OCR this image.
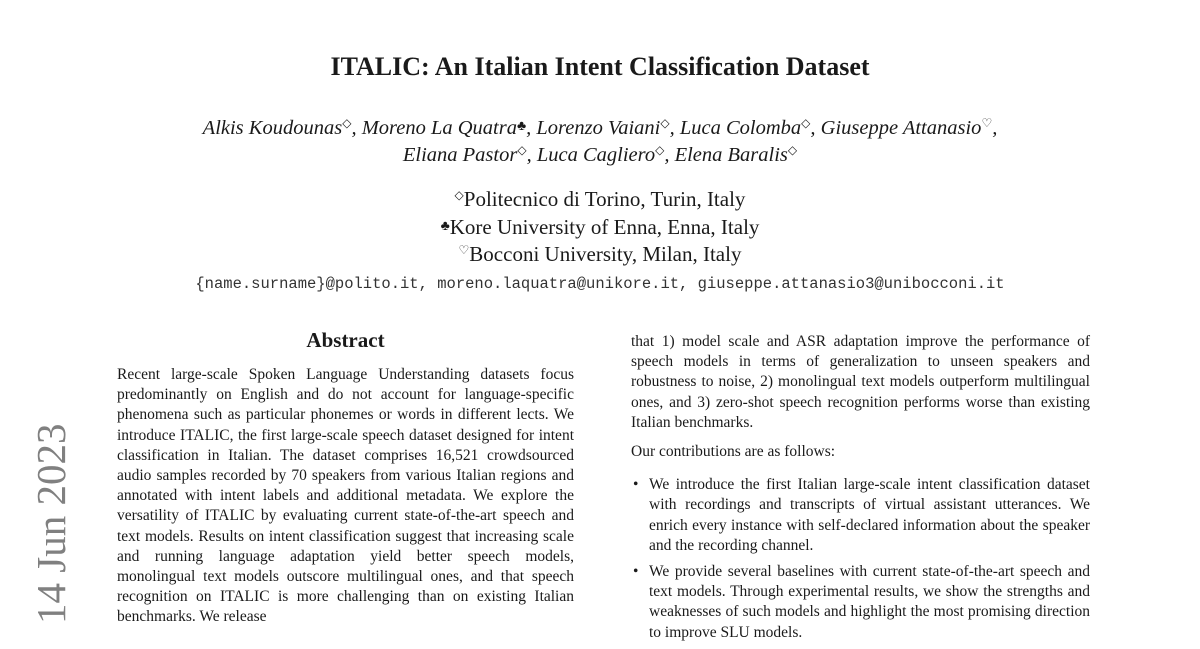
14 Jun 2023
ITALIC: An Italian Intent Classification Dataset
Alkis Koudounas◇, Moreno La Quatra♣, Lorenzo Vaiani◇, Luca Colomba◇, Giuseppe Attanasio♡,
Eliana Pastor◇, Luca Cagliero◇, Elena Baralis◇
◇Politecnico di Torino, Turin, Italy
♣Kore University of Enna, Enna, Italy
♡Bocconi University, Milan, Italy
{name.surname}@polito.it, moreno.laquatra@unikore.it, giuseppe.attanasio3@unibocconi.it
Abstract

Recent large-scale Spoken Language Understanding datasets focus predominantly on English and do not account for language-specific phenomena such as particular phonemes or words in different lects. We introduce ITALIC, the first large-scale speech dataset designed for intent classification in Italian. The dataset comprises 16,521 crowdsourced audio samples recorded by 70 speakers from various Italian regions and annotated with intent labels and additional metadata. We explore the versatility of ITALIC by evaluating current state-of-the-art speech and text models. Results on intent classification suggest that increasing scale and running language adaptation yield better speech models, monolingual text models outscore multilingual ones, and that speech recognition on ITALIC is more challenging than on existing Italian benchmarks. We release

that 1) model scale and ASR adaptation improve the performance of speech models in terms of generalization to unseen speakers and robustness to noise, 2) monolingual text models outperform multilingual ones, and 3) zero-shot speech recognition performs worse than existing Italian benchmarks.

Our contributions are as follows:

• We introduce the first Italian large-scale intent classification dataset with recordings and transcripts of virtual assistant utterances. We enrich every instance with self-declared information about the speaker and the recording channel.
• We provide several baselines with current state-of-the-art speech and text models. Through experimental results, we show the strengths and weaknesses of such models and highlight the most promising direction to improve SLU models.
